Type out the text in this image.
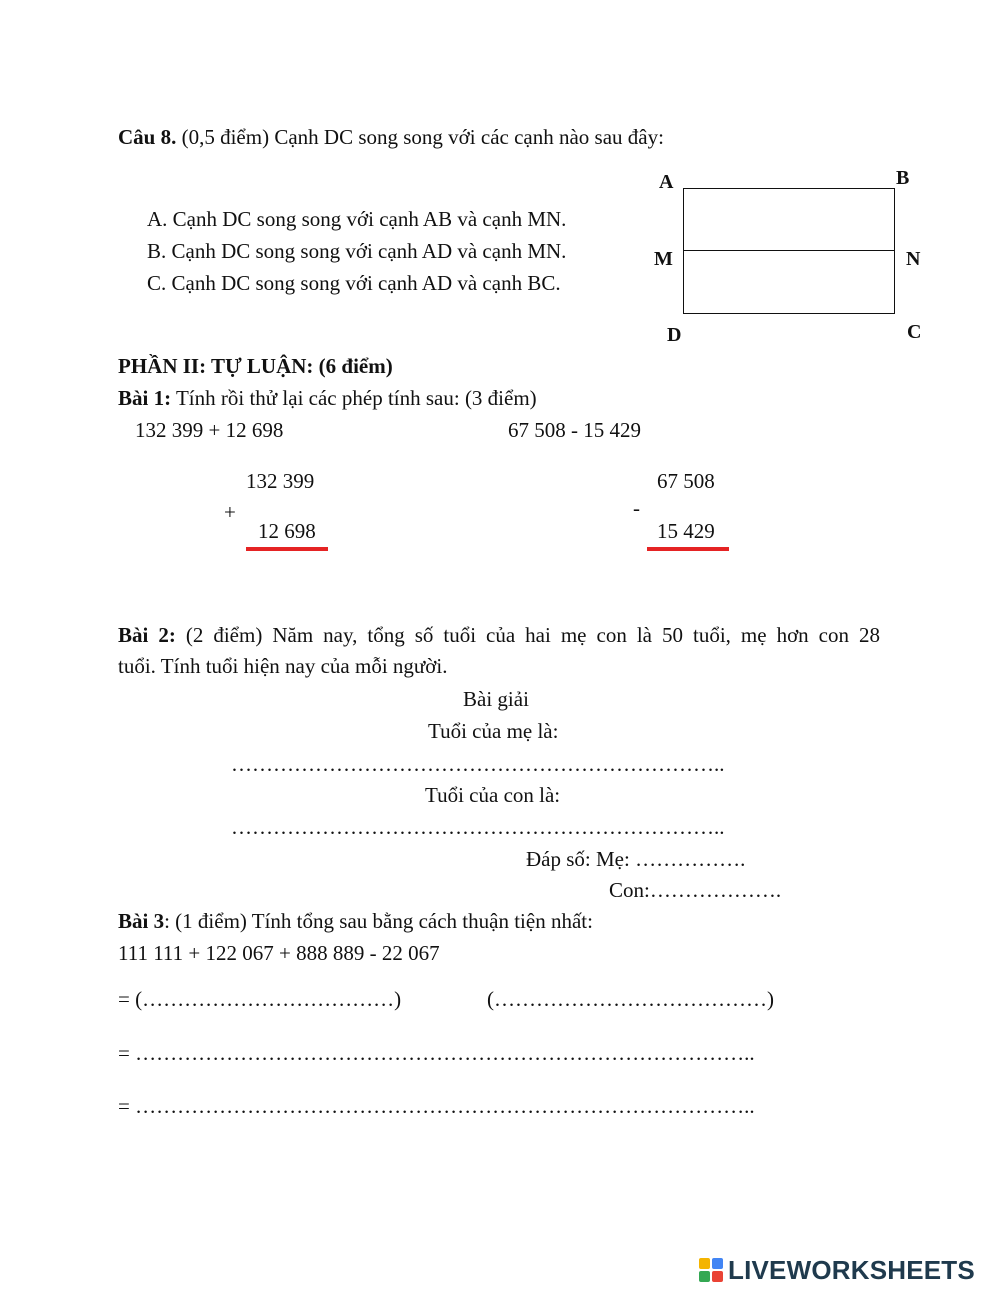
Câu 8. (0,5 điểm) Cạnh DC song song với các cạnh nào sau đây:
A. Cạnh DC song song với cạnh AB và cạnh MN.
B. Cạnh DC song song với cạnh AD và cạnh MN.
C. Cạnh DC song song với cạnh AD và cạnh BC.
A	B
M	N
D	C
PHẦN II: TỰ LUẬN: (6 điểm)
Bài 1: Tính rồi thử lại các phép tính sau: (3 điểm)
132 399 + 12 698	67 508 - 15 429
132 399
+
12 698
67 508
-
15 429
Bài 2: (2 điểm) Năm nay, tổng số tuổi của hai mẹ con là 50 tuổi, mẹ hơn con 28
tuổi. Tính tuổi hiện nay của mỗi người.
Bài giải
Tuổi của mẹ là:
……………………………………………………………..
Tuổi của con là:
……………………………………………………………..
Đáp số: Mẹ: …………….
Con:……………….
Bài 3: (1 điểm) Tính tổng sau bằng cách thuận tiện nhất:
111 111 + 122 067 + 888 889 - 22 067
= (………………………………)	(…………………………………)
= ……………………………………………………………………………..
= ……………………………………………………………………………..
LIVEWORKSHEETS
